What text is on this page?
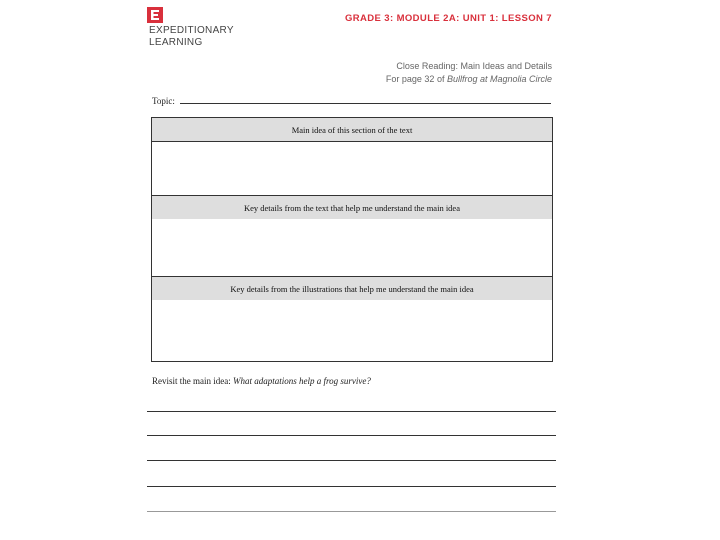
EXPEDITIONARY
LEARNING
GRADE 3: MODULE 2A: UNIT 1: LESSON 7
Close Reading: Main Ideas and Details
For page 32 of Bullfrog at Magnolia Circle
Topic:
Main idea of this section of the text
Key details from the text that help me understand the main idea
Key details from the illustrations that help me understand the main idea
Revisit the main idea: What adaptations help a frog survive?
